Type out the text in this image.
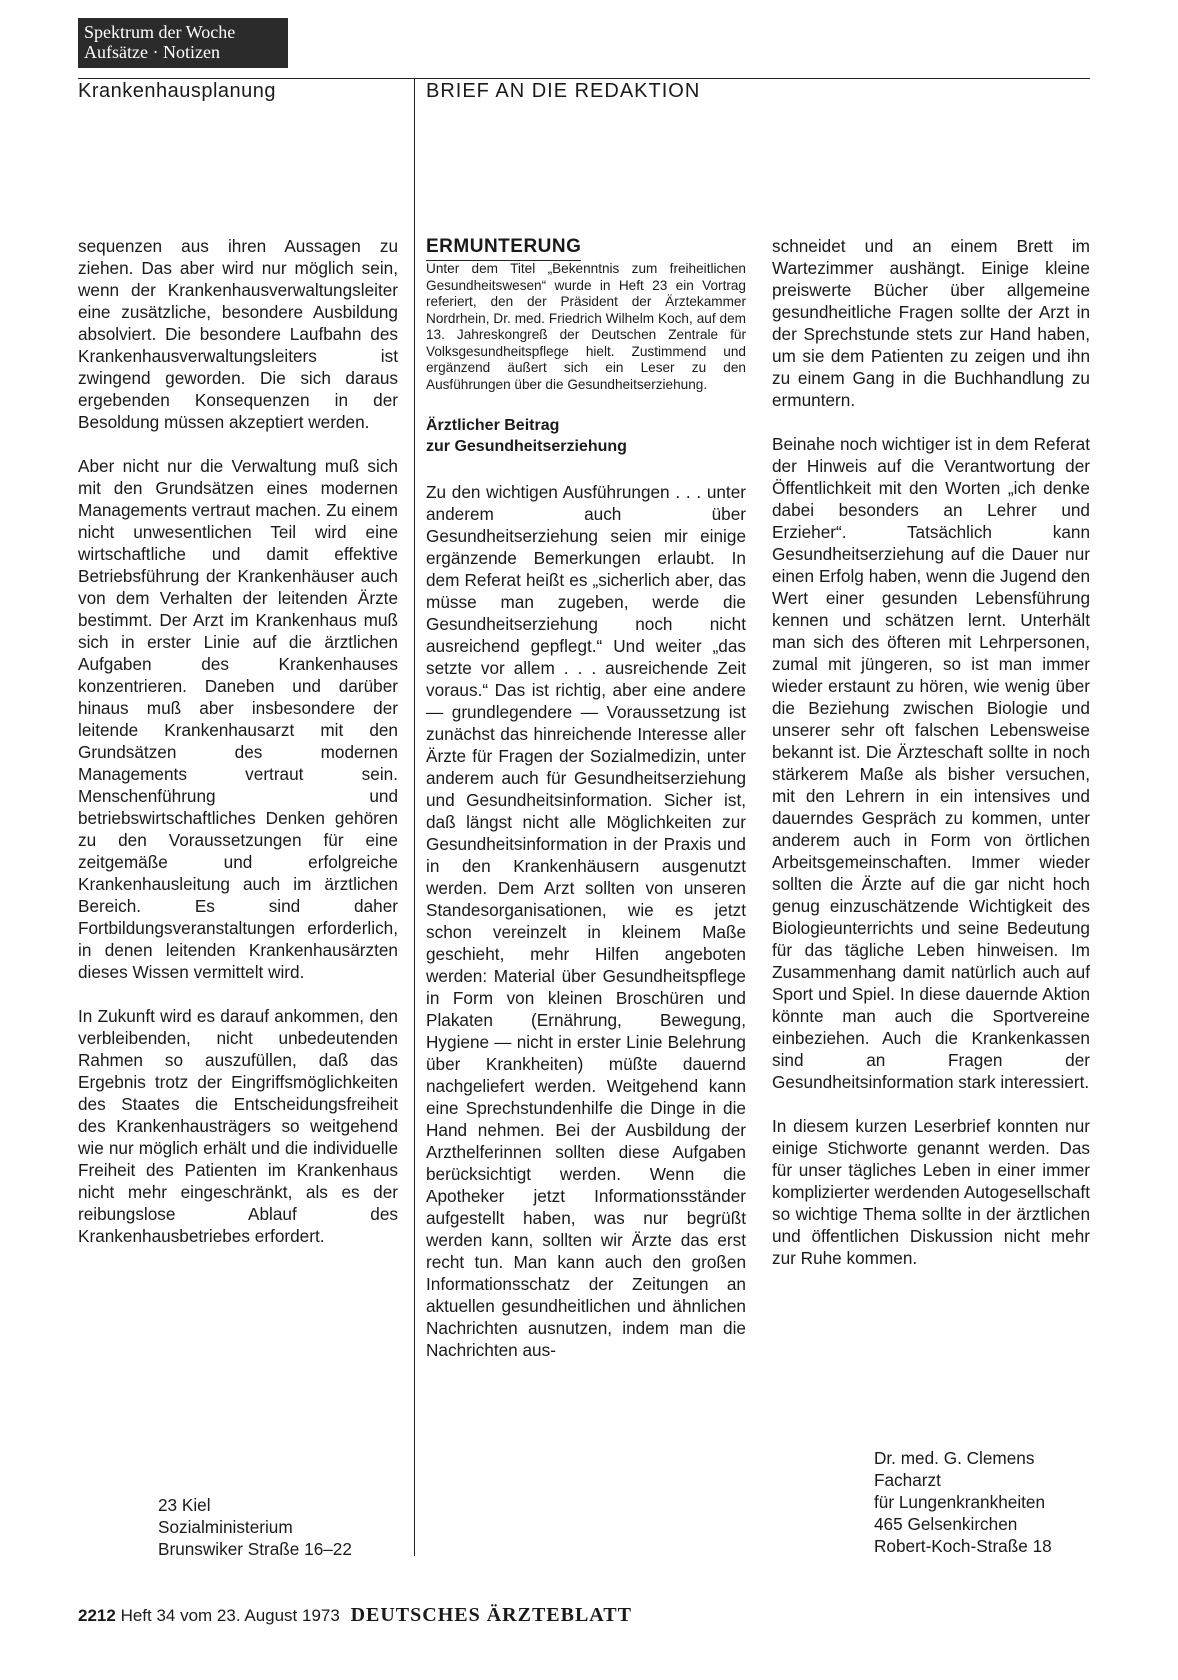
Spektrum der Woche
Aufsätze · Notizen
Krankenhausplanung	BRIEF AN DIE REDAKTION

sequenzen aus ihren Aussagen zu ziehen. Das aber wird nur möglich sein, wenn der Krankenhausverwaltungsleiter eine zusätzliche, besondere Ausbildung absolviert. Die besondere Laufbahn des Krankenhausverwaltungsleiters ist zwingend geworden. Die sich daraus ergebenden Konsequenzen in der Besoldung müssen akzeptiert werden.

Aber nicht nur die Verwaltung muß sich mit den Grundsätzen eines modernen Managements vertraut machen. Zu einem nicht unwesentlichen Teil wird eine wirtschaftliche und damit effektive Betriebsführung der Krankenhäuser auch von dem Verhalten der leitenden Ärzte bestimmt. Der Arzt im Krankenhaus muß sich in erster Linie auf die ärztlichen Aufgaben des Krankenhauses konzentrieren. Daneben und darüber hinaus muß aber insbesondere der leitende Krankenhausarzt mit den Grundsätzen des modernen Managements vertraut sein. Menschenführung und betriebswirtschaftliches Denken gehören zu den Voraussetzungen für eine zeitgemäße und erfolgreiche Krankenhausleitung auch im ärztlichen Bereich. Es sind daher Fortbildungsveranstaltungen erforderlich, in denen leitenden Krankenhausärzten dieses Wissen vermittelt wird.

In Zukunft wird es darauf ankommen, den verbleibenden, nicht unbedeutenden Rahmen so auszufüllen, daß das Ergebnis trotz der Eingriffsmöglichkeiten des Staates die Entscheidungsfreiheit des Krankenhausträgers so weitgehend wie nur möglich erhält und die individuelle Freiheit des Patienten im Krankenhaus nicht mehr eingeschränkt, als es der reibungslose Ablauf des Krankenhausbetriebes erfordert.

23 Kiel
Sozialministerium
Brunswiker Straße 16–22
ERMUNTERUNG

Unter dem Titel „Bekenntnis zum freiheitlichen Gesundheitswesen“ wurde in Heft 23 ein Vortrag referiert, den der Präsident der Ärztekammer Nordrhein, Dr. med. Friedrich Wilhelm Koch, auf dem 13. Jahreskongreß der Deutschen Zentrale für Volksgesundheitspflege hielt. Zustimmend und ergänzend äußert sich ein Leser zu den Ausführungen über die Gesundheitserziehung.

Ärztlicher Beitrag
zur Gesundheitserziehung

Zu den wichtigen Ausführungen . . . unter anderem auch über Gesundheitserziehung seien mir einige ergänzende Bemerkungen erlaubt. In dem Referat heißt es „sicherlich aber, das müsse man zugeben, werde die Gesundheitserziehung noch nicht ausreichend gepflegt.“ Und weiter „das setzte vor allem . . . ausreichende Zeit voraus.“ Das ist richtig, aber eine andere — grundlegendere — Voraussetzung ist zunächst das hinreichende Interesse aller Ärzte für Fragen der Sozialmedizin, unter anderem auch für Gesundheitserziehung und Gesundheitsinformation. Sicher ist, daß längst nicht alle Möglichkeiten zur Gesundheitsinformation in der Praxis und in den Krankenhäusern ausgenutzt werden. Dem Arzt sollten von unseren Standesorganisationen, wie es jetzt schon vereinzelt in kleinem Maße geschieht, mehr Hilfen angeboten werden: Material über Gesundheitspflege in Form von kleinen Broschüren und Plakaten (Ernährung, Bewegung, Hygiene — nicht in erster Linie Belehrung über Krankheiten) müßte dauernd nachgeliefert werden. Weitgehend kann eine Sprechstundenhilfe die Dinge in die Hand nehmen. Bei der Ausbildung der Arzthelferinnen sollten diese Aufgaben berücksichtigt werden. Wenn die Apotheker jetzt Informationsständer aufgestellt haben, was nur begrüßt werden kann, sollten wir Ärzte das erst recht tun. Man kann auch den großen Informationsschatz der Zeitungen an aktuellen gesundheitlichen und ähnlichen Nachrichten ausnutzen, indem man die Nachrichten aus-

schneidet und an einem Brett im Wartezimmer aushängt. Einige kleine preiswerte Bücher über allgemeine gesundheitliche Fragen sollte der Arzt in der Sprechstunde stets zur Hand haben, um sie dem Patienten zu zeigen und ihn zu einem Gang in die Buchhandlung zu ermuntern.

Beinahe noch wichtiger ist in dem Referat der Hinweis auf die Verantwortung der Öffentlichkeit mit den Worten „ich denke dabei besonders an Lehrer und Erzieher“. Tatsächlich kann Gesundheitserziehung auf die Dauer nur einen Erfolg haben, wenn die Jugend den Wert einer gesunden Lebensführung kennen und schätzen lernt. Unterhält man sich des öfteren mit Lehrpersonen, zumal mit jüngeren, so ist man immer wieder erstaunt zu hören, wie wenig über die Beziehung zwischen Biologie und unserer sehr oft falschen Lebensweise bekannt ist. Die Ärzteschaft sollte in noch stärkerem Maße als bisher versuchen, mit den Lehrern in ein intensives und dauerndes Gespräch zu kommen, unter anderem auch in Form von örtlichen Arbeitsgemeinschaften. Immer wieder sollten die Ärzte auf die gar nicht hoch genug einzuschätzende Wichtigkeit des Biologieunterrichts und seine Bedeutung für das tägliche Leben hinweisen. Im Zusammenhang damit natürlich auch auf Sport und Spiel. In diese dauernde Aktion könnte man auch die Sportvereine einbeziehen. Auch die Krankenkassen sind an Fragen der Gesundheitsinformation stark interessiert.

In diesem kurzen Leserbrief konnten nur einige Stichworte genannt werden. Das für unser tägliches Leben in einer immer komplizierter werdenden Autogesellschaft so wichtige Thema sollte in der ärztlichen und öffentlichen Diskussion nicht mehr zur Ruhe kommen.

Dr. med. G. Clemens
Facharzt
für Lungenkrankheiten
465 Gelsenkirchen
Robert-Koch-Straße 18
2212 Heft 34 vom 23. August 1973 DEUTSCHES ÄRZTEBLATT
